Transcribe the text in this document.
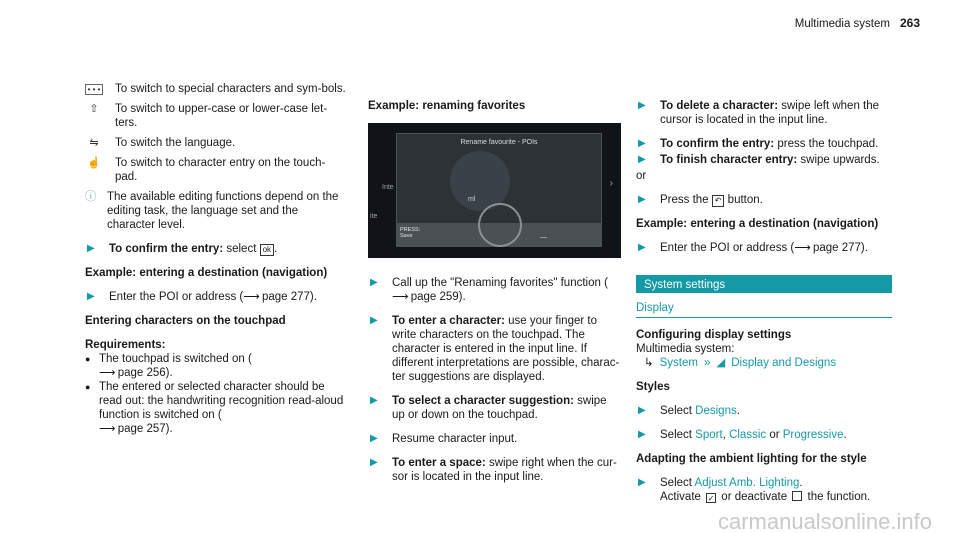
Multimedia system 263
• • • To switch to special characters and sym-bols.
⇧	To switch to upper-case or lower-case let-ters.
⇋	To switch the language.
☝ To switch to character entry on the touch-pad.
ⓘ The available editing functions depend on the editing task, the language set and the character level.
▶	To confirm the entry: select ok .
Example: entering a destination (navigation)
▶	Enter the POI or address (⟶ page 277).
Entering characters on the touchpad
Requirements:
● The touchpad is switched on (
⟶ page 256).
● The entered or selected character should be read out: the handwriting recognition read-aloud function is switched on (
⟶ page 257).
Example: renaming favorites
Rename favourite - POIs
Inte
ite
ml
PRESS:
Save	—
›
▶	Call up the "Renaming favorites" function (
⟶ page 259).
▶	To enter a character: use your finger to write characters on the touchpad. The character is entered in the input line. If different interpretations are possible, charac-ter suggestions are displayed.
▶	To select a character suggestion: swipe up or down on the touchpad.
▶	Resume character input.
▶	To enter a space: swipe right when the cur-sor is located in the input line.
▶	To delete a character: swipe left when the cursor is located in the input line.
▶	To confirm the entry: press the touchpad.
▶	To finish character entry: swipe upwards.
or
▶	Press the ↶ button.
Example: entering a destination (navigation)
▶	Enter the POI or address (⟶ page 277).
System settings
Display
Configuring display settings
Multimedia system:
↳ System » ◢ Display and Designs
Styles
▶	Select Designs.
▶	Select Sport, Classic or Progressive.
Adapting the ambient lighting for the style
▶	Select Adjust Amb. Lighting.
Activate ✓ or deactivate  the function.
carmanualsonline.info
